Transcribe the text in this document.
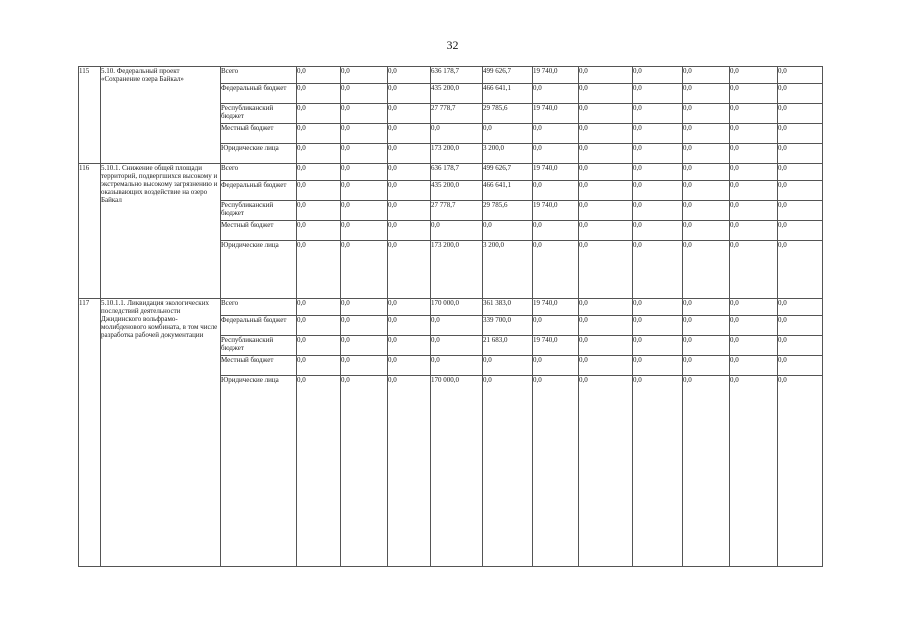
32
115	5.10. Федеральный проект «Сохранение озера Байкал»	Всего	0,0	0,0	0,0	636 178,7	499 626,7	19 740,0	0,0	0,0	0,0	0,0	0,0
		Федеральный бюджет	0,0	0,0	0,0	435 200,0	466 641,1	0,0	0,0	0,0	0,0	0,0	0,0
		Республиканский бюджет	0,0	0,0	0,0	27 778,7	29 785,6	19 740,0	0,0	0,0	0,0	0,0	0,0
		Местный бюджет	0,0	0,0	0,0	0,0	0,0	0,0	0,0	0,0	0,0	0,0	0,0
		Юридические лица	0,0	0,0	0,0	173 200,0	3 200,0	0,0	0,0	0,0	0,0	0,0	0,0
116	5.10.1. Снижение общей площади территорий, подвергшихся высокому и экстремально высокому загрязнению и оказывающих воздействие на озеро Байкал	Всего	0,0	0,0	0,0	636 178,7	499 626,7	19 740,0	0,0	0,0	0,0	0,0	0,0
		Федеральный бюджет	0,0	0,0	0,0	435 200,0	466 641,1	0,0	0,0	0,0	0,0	0,0	0,0
		Республиканский бюджет	0,0	0,0	0,0	27 778,7	29 785,6	19 740,0	0,0	0,0	0,0	0,0	0,0
		Местный бюджет	0,0	0,0	0,0	0,0	0,0	0,0	0,0	0,0	0,0	0,0	0,0
		Юридические лица	0,0	0,0	0,0	173 200,0	3 200,0	0,0	0,0	0,0	0,0	0,0	0,0
117	5.10.1.1. Ликвидация экологических последствий деятельности Джидинского вольфрамо-молибденового комбината, в том числе разработка рабочей документации	Всего	0,0	0,0	0,0	170 000,0	361 383,0	19 740,0	0,0	0,0	0,0	0,0	0,0
		Федеральный бюджет	0,0	0,0	0,0	0,0	339 700,0	0,0	0,0	0,0	0,0	0,0	0,0
		Республиканский бюджет	0,0	0,0	0,0	0,0	21 683,0	19 740,0	0,0	0,0	0,0	0,0	0,0
		Местный бюджет	0,0	0,0	0,0	0,0	0,0	0,0	0,0	0,0	0,0	0,0	0,0
		Юридические лица	0,0	0,0	0,0	170 000,0	0,0	0,0	0,0	0,0	0,0	0,0	0,0
